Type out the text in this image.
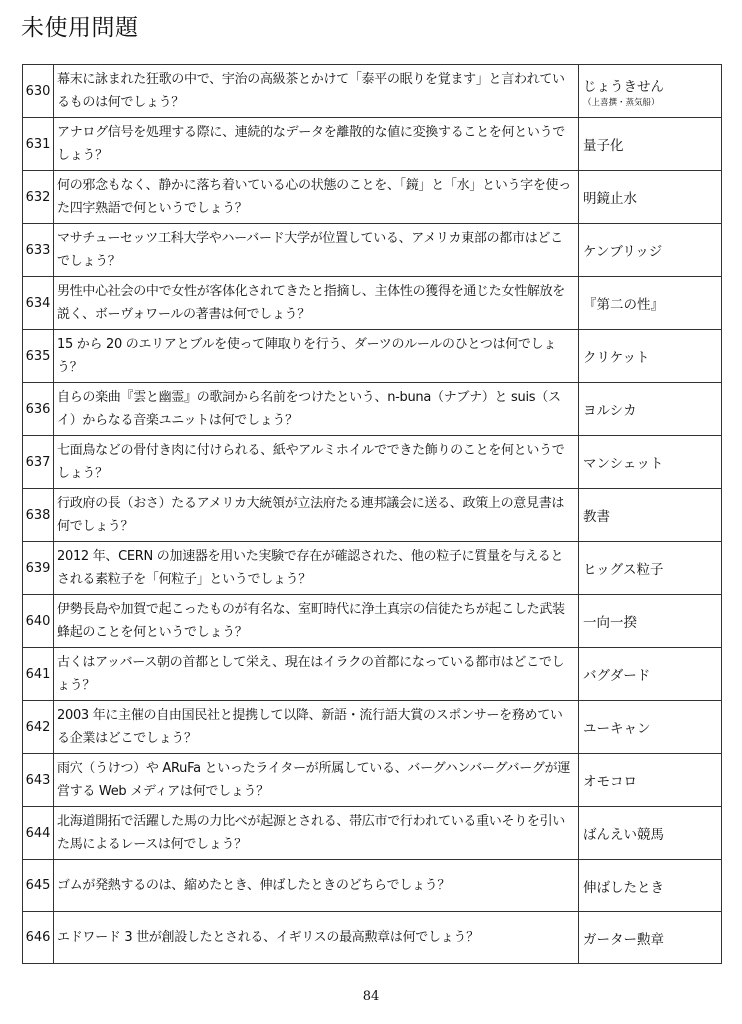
未使用問題
630	幕末に詠まれた狂歌の中で、宇治の高級茶とかけて「泰平の眠りを覚ます」と言われているものは何でしょう？	じょうきせん
（上喜撰・蒸気船）

631	アナログ信号を処理する際に、連続的なデータを離散的な値に変換することを何というでしょう？	量子化
632	何の邪念もなく、静かに落ち着いている心の状態のことを、「鏡」と「水」という字を使った四字熟語で何というでしょう？	明鏡止水
633	マサチューセッツ工科大学やハーバード大学が位置している、アメリカ東部の都市はどこでしょう？	ケンブリッジ
634	男性中心社会の中で女性が客体化されてきたと指摘し、主体性の獲得を通じた女性解放を説く、ボーヴォワールの著書は何でしょう？	『第二の性』
635	15 から 20 のエリアとブルを使って陣取りを行う、ダーツのルールのひとつは何でしょう？	クリケット
636	自らの楽曲『雲と幽霊』の歌詞から名前をつけたという、n-buna（ナブナ）と suis（スイ）からなる音楽ユニットは何でしょう？	ヨルシカ
637	七面鳥などの骨付き肉に付けられる、紙やアルミホイルでできた飾りのことを何というでしょう？	マンシェット
638	行政府の長（おさ）たるアメリカ大統領が立法府たる連邦議会に送る、政策上の意見書は何でしょう？	教書
639	2012 年、CERN の加速器を用いた実験で存在が確認された、他の粒子に質量を与えるとされる素粒子を「何粒子」というでしょう？	ヒッグス粒子
640	伊勢長島や加賀で起こったものが有名な、室町時代に浄土真宗の信徒たちが起こした武装蜂起のことを何というでしょう？	一向一揆
641	古くはアッバース朝の首都として栄え、現在はイラクの首都になっている都市はどこでしょう？	バグダード
642	2003 年に主催の自由国民社と提携して以降、新語・流行語大賞のスポンサーを務めている企業はどこでしょう？	ユーキャン
643	雨穴（うけつ）や ARuFa といったライターが所属している、バーグハンバーグバーグが運営する Web メディアは何でしょう？	オモコロ
644	北海道開拓で活躍した馬の力比べが起源とされる、帯広市で行われている重いそりを引いた馬によるレースは何でしょう？	ばんえい競馬
645	ゴムが発熱するのは、縮めたとき、伸ばしたときのどちらでしょう？	伸ばしたとき
646	エドワード 3 世が創設したとされる、イギリスの最高勲章は何でしょう？	ガーター勲章
84
